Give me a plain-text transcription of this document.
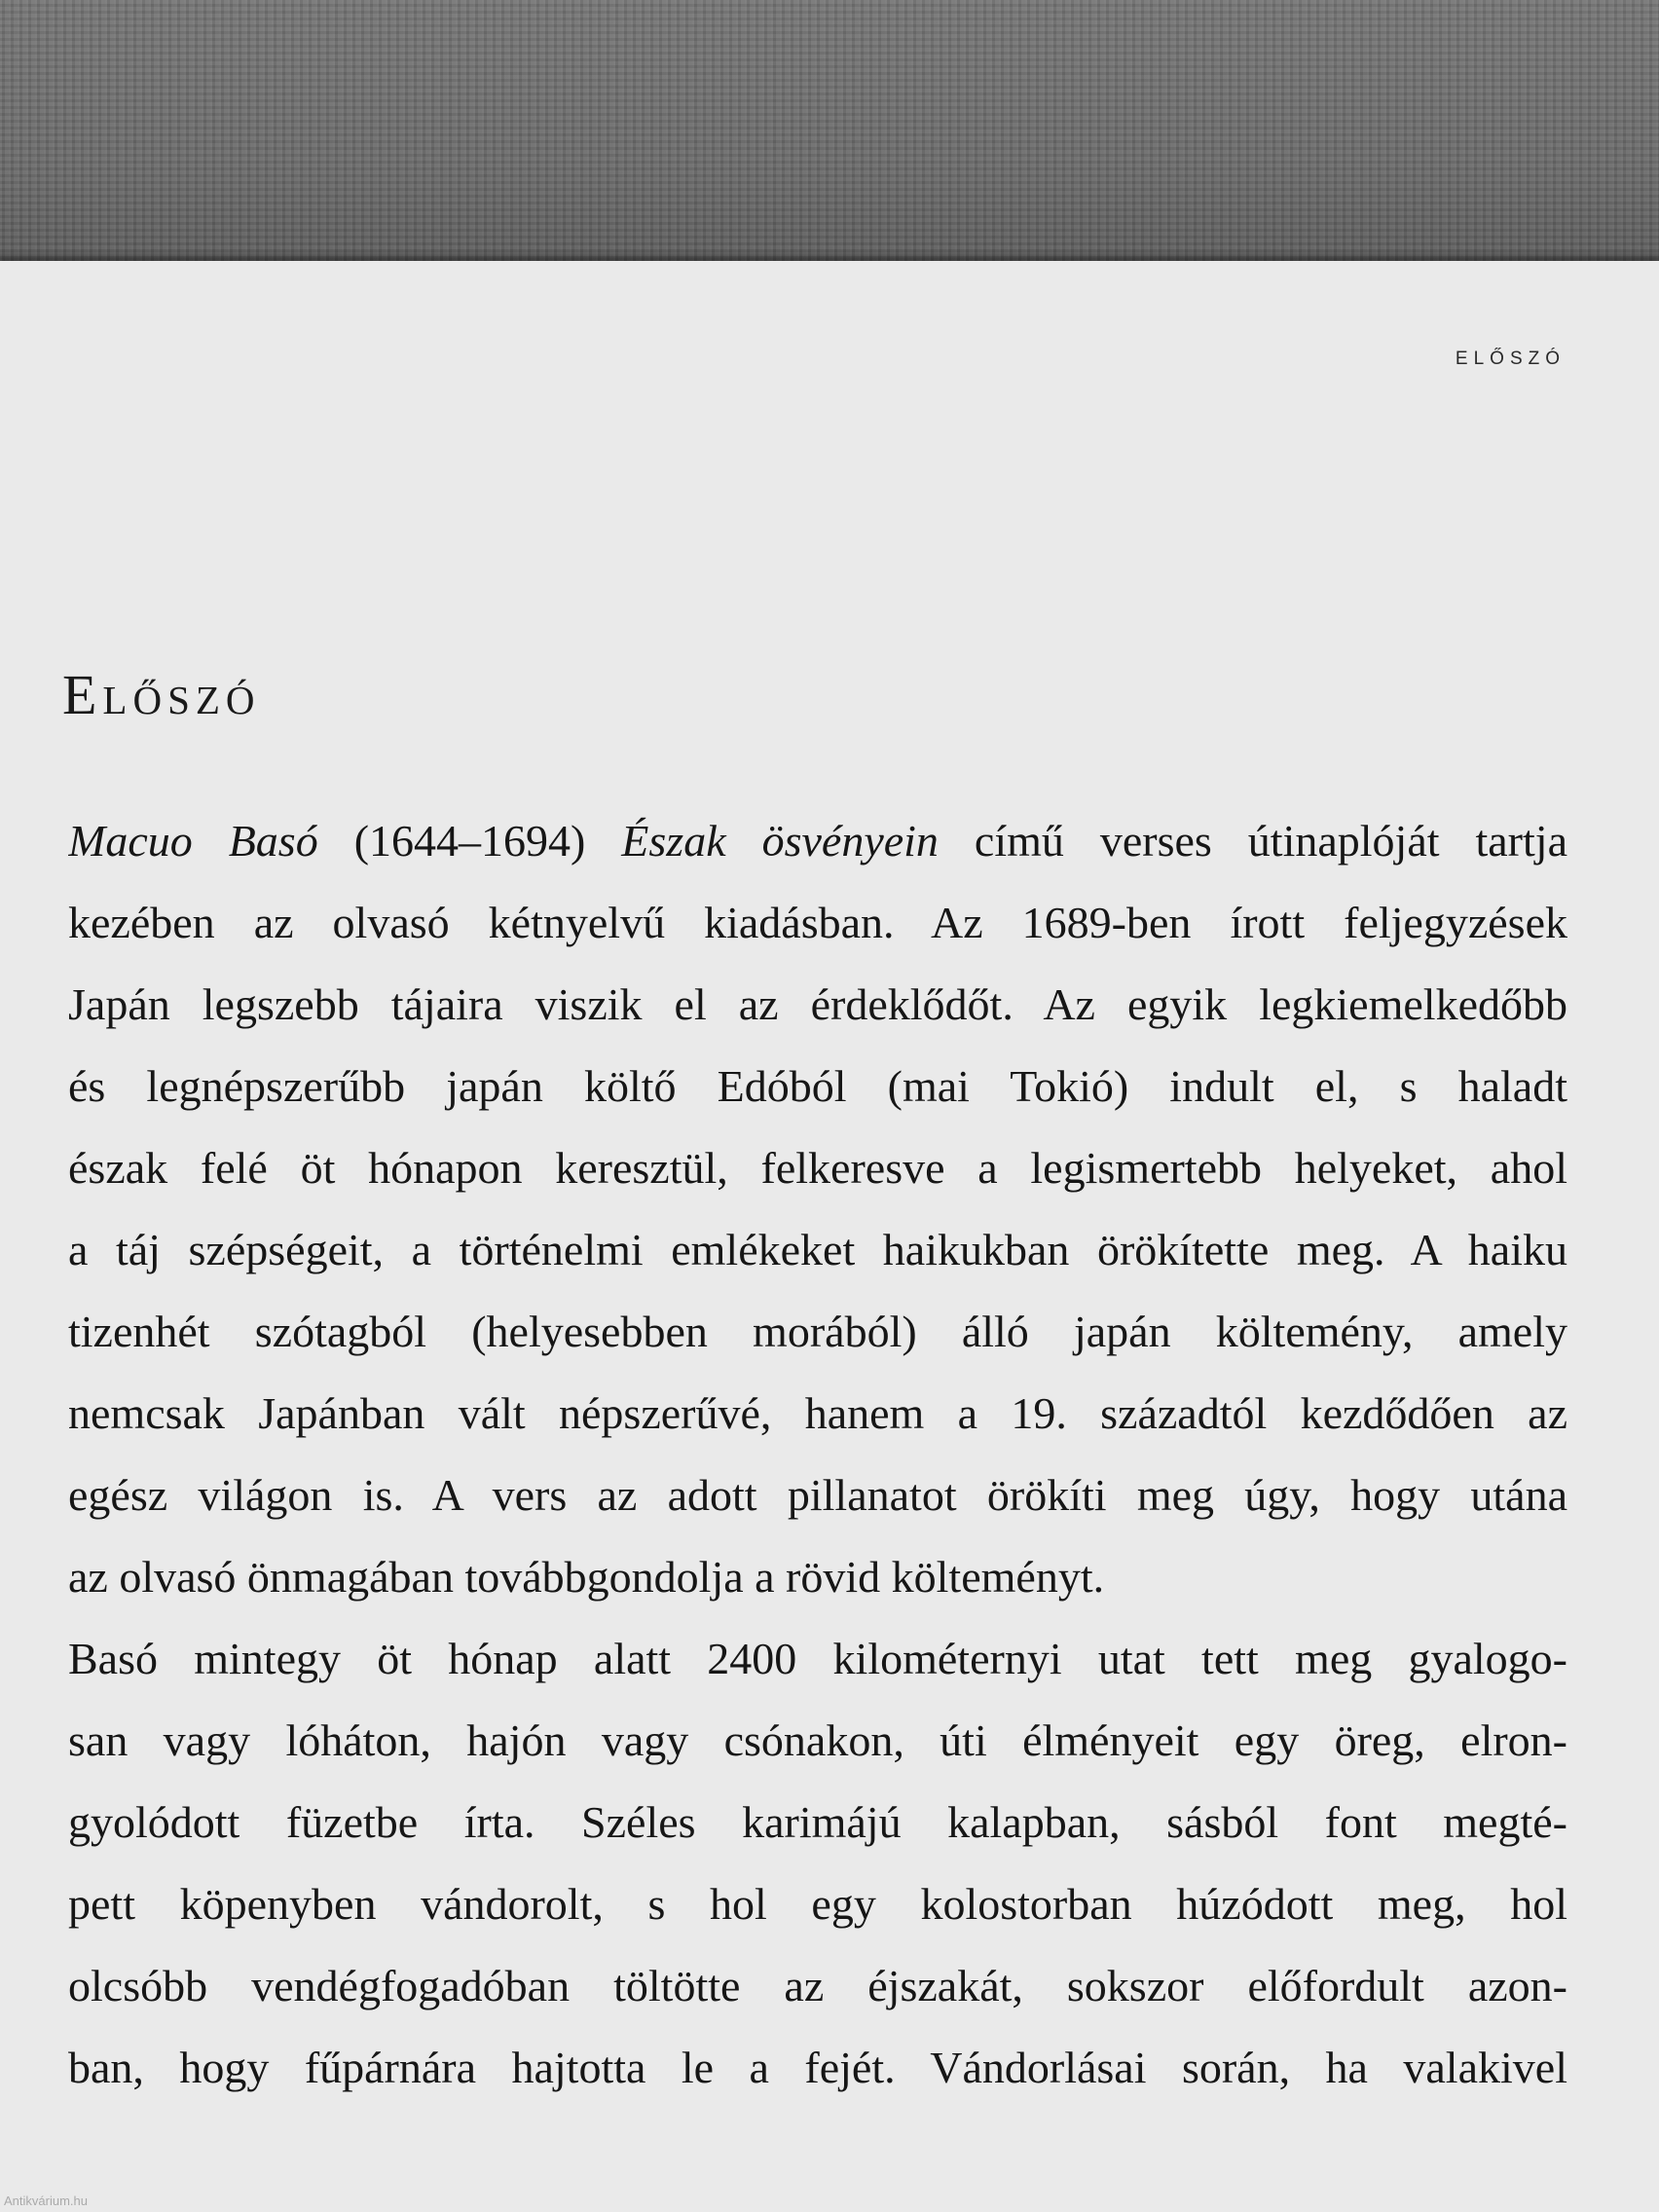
ELŐSZÓ
Előszó
Macuo Basó (1644–1694) Észak ösvényein című verses útinaplóját tartja
kezében az olvasó kétnyelvű kiadásban. Az 1689-ben írott feljegyzések
Japán legszebb tájaira viszik el az érdeklődőt. Az egyik legkiemelkedőbb
és legnépszerűbb japán költő Edóból (mai Tokió) indult el, s haladt
észak felé öt hónapon keresztül, felkeresve a legismertebb helyeket, ahol
a táj szépségeit, a történelmi emlékeket haikukban örökítette meg. A haiku
tizenhét szótagból (helyesebben morából) álló japán költemény, amely
nemcsak Japánban vált népszerűvé, hanem a 19. századtól kezdődően az
egész világon is. A vers az adott pillanatot örökíti meg úgy, hogy utána
az olvasó önmagában továbbgondolja a rövid költeményt.
Basó mintegy öt hónap alatt 2400 kilométernyi utat tett meg gyalogo-
san vagy lóháton, hajón vagy csónakon, úti élményeit egy öreg, elron-
gyolódott füzetbe írta. Széles karimájú kalapban, sásból font megté-
pett köpenyben vándorolt, s hol egy kolostorban húzódott meg, hol
olcsóbb vendégfogadóban töltötte az éjszakát, sokszor előfordult azon-
ban, hogy fűpárnára hajtotta le a fejét. Vándorlásai során, ha valakivel
Antikvárium.hu
